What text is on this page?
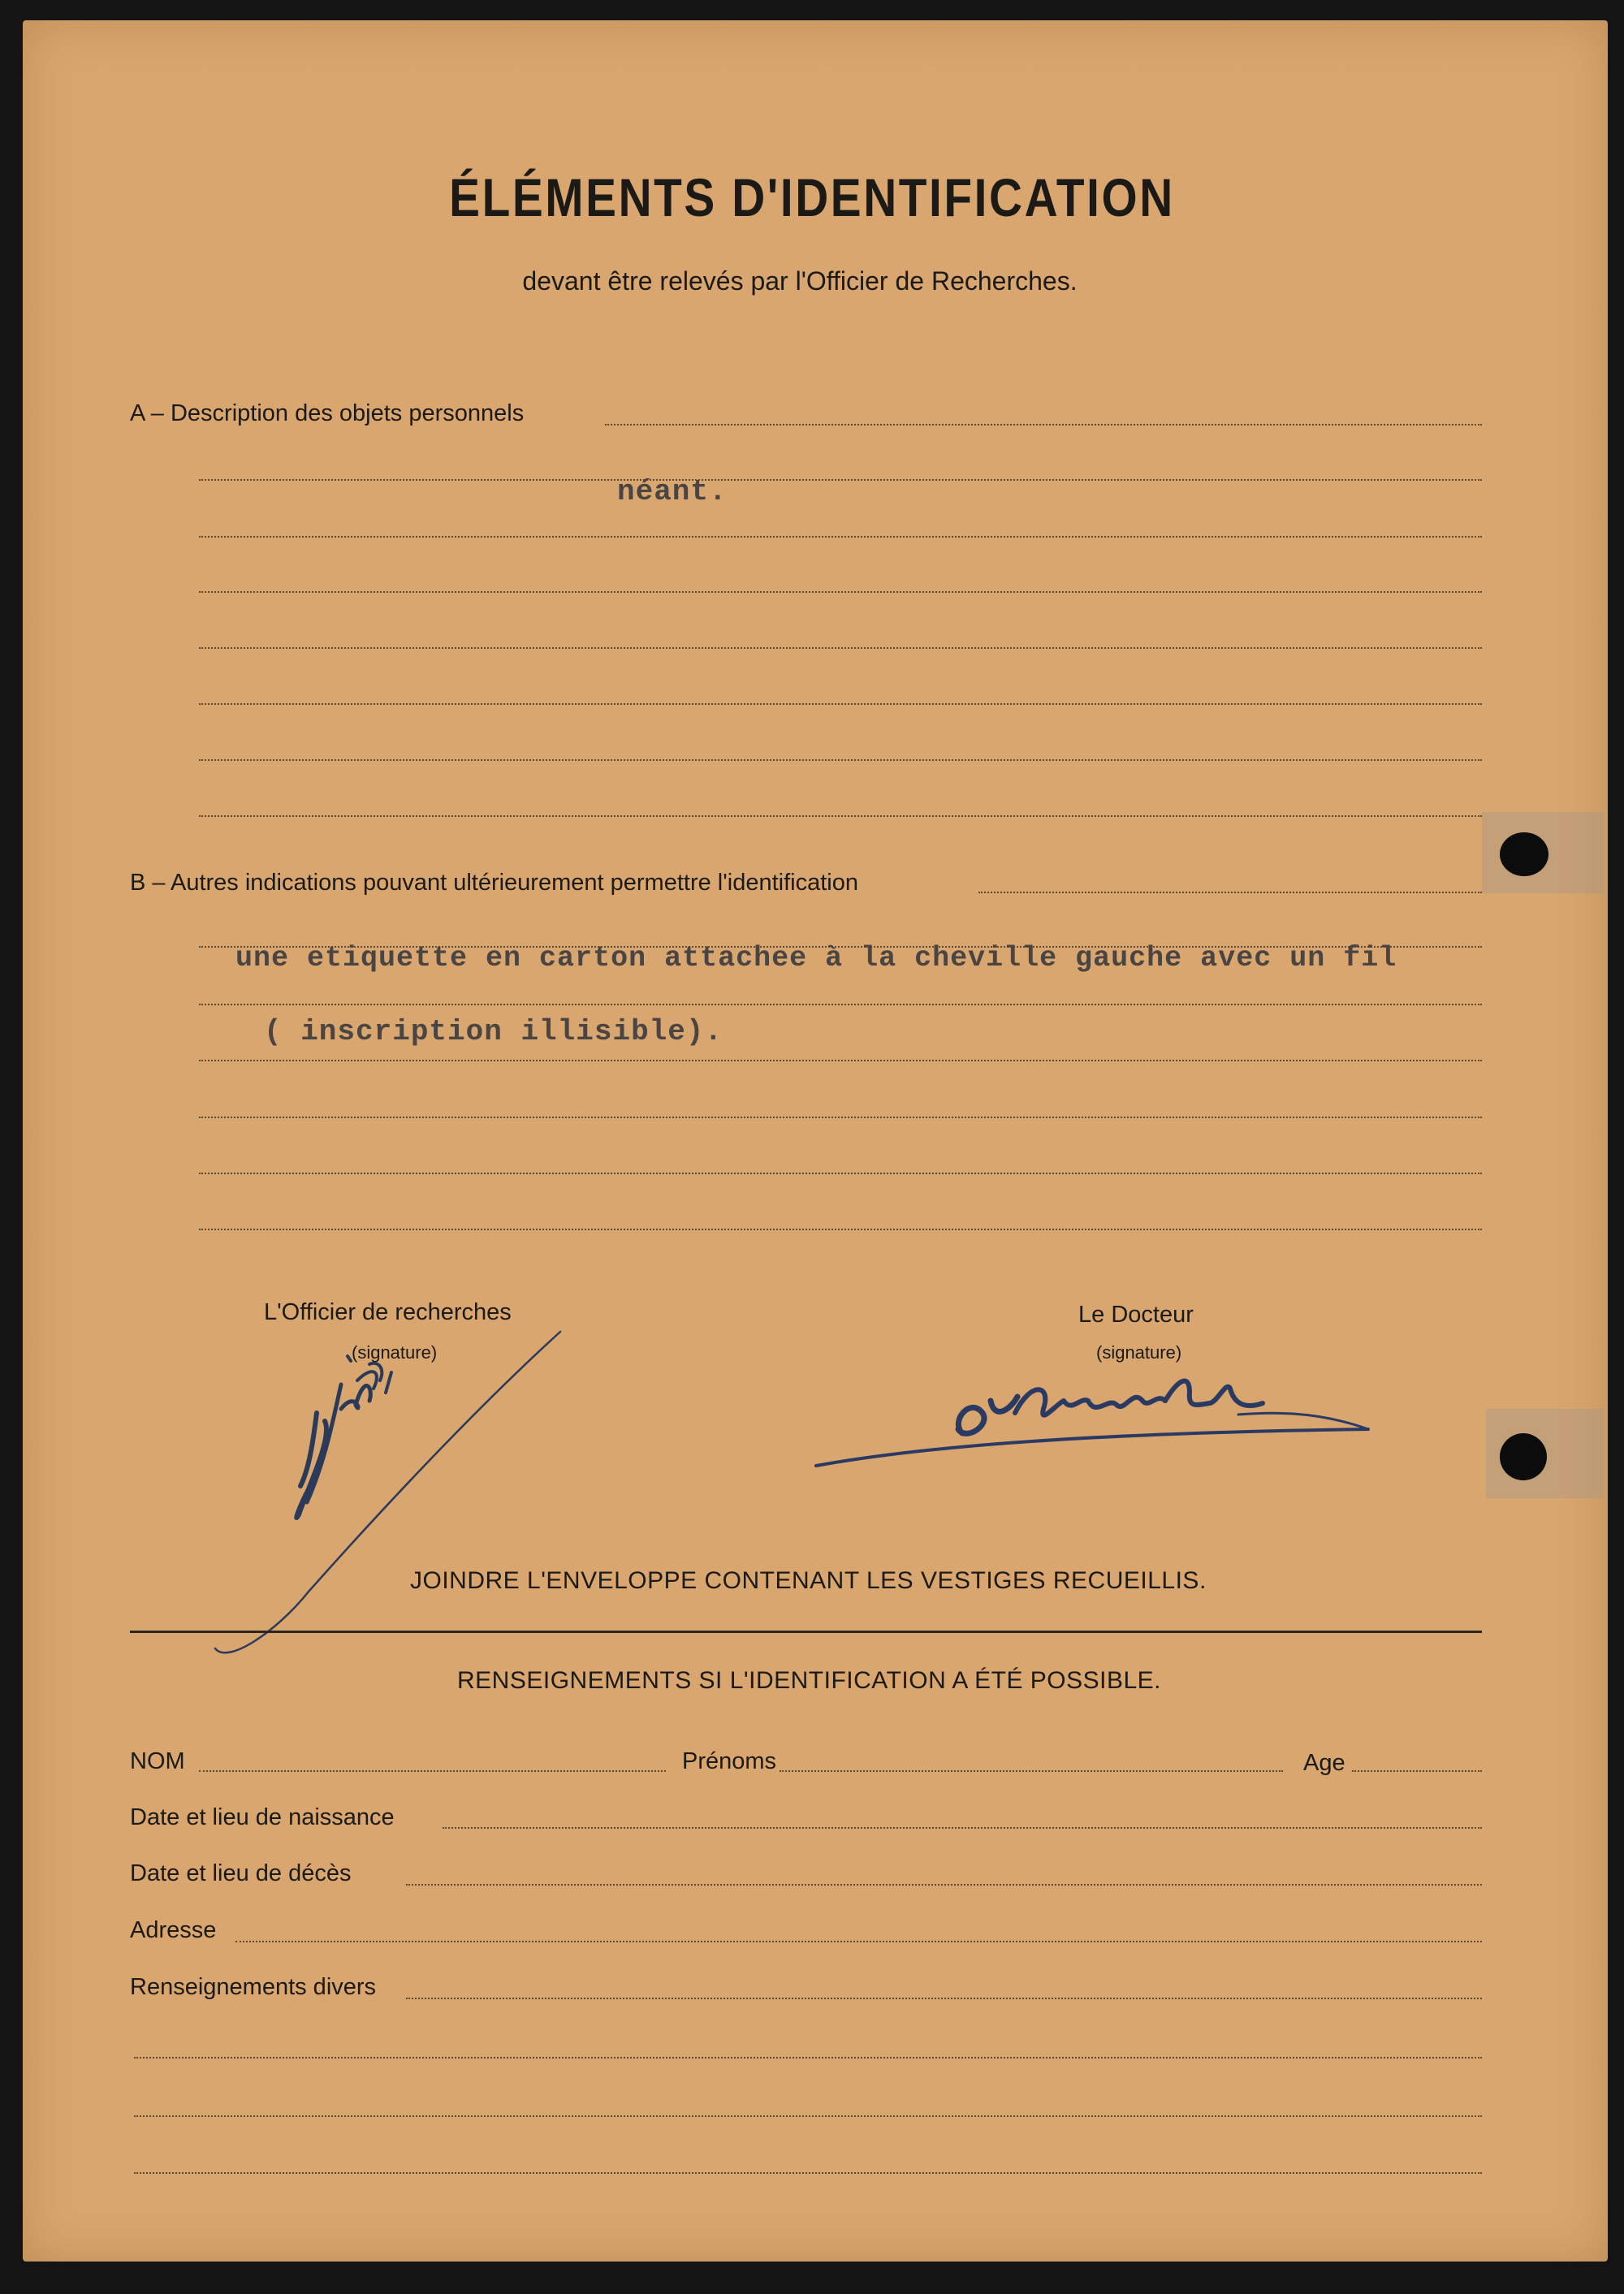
ÉLÉMENTS D'IDENTIFICATION
devant être relevés par l'Officier de Recherches.
A – Description des objets personnels
néant.
B – Autres indications pouvant ultérieurement permettre l'identification
une etiquette en carton attachee à la cheville gauche avec un fil
( inscription illisible).
L'Officier de recherches
(signature)
Le Docteur
(signature)
JOINDRE L'ENVELOPPE CONTENANT LES VESTIGES RECUEILLIS.
RENSEIGNEMENTS SI L'IDENTIFICATION A ÉTÉ POSSIBLE.
NOM	Prénoms	Age
Date et lieu de naissance
Date et lieu de décès
Adresse
Renseignements divers
